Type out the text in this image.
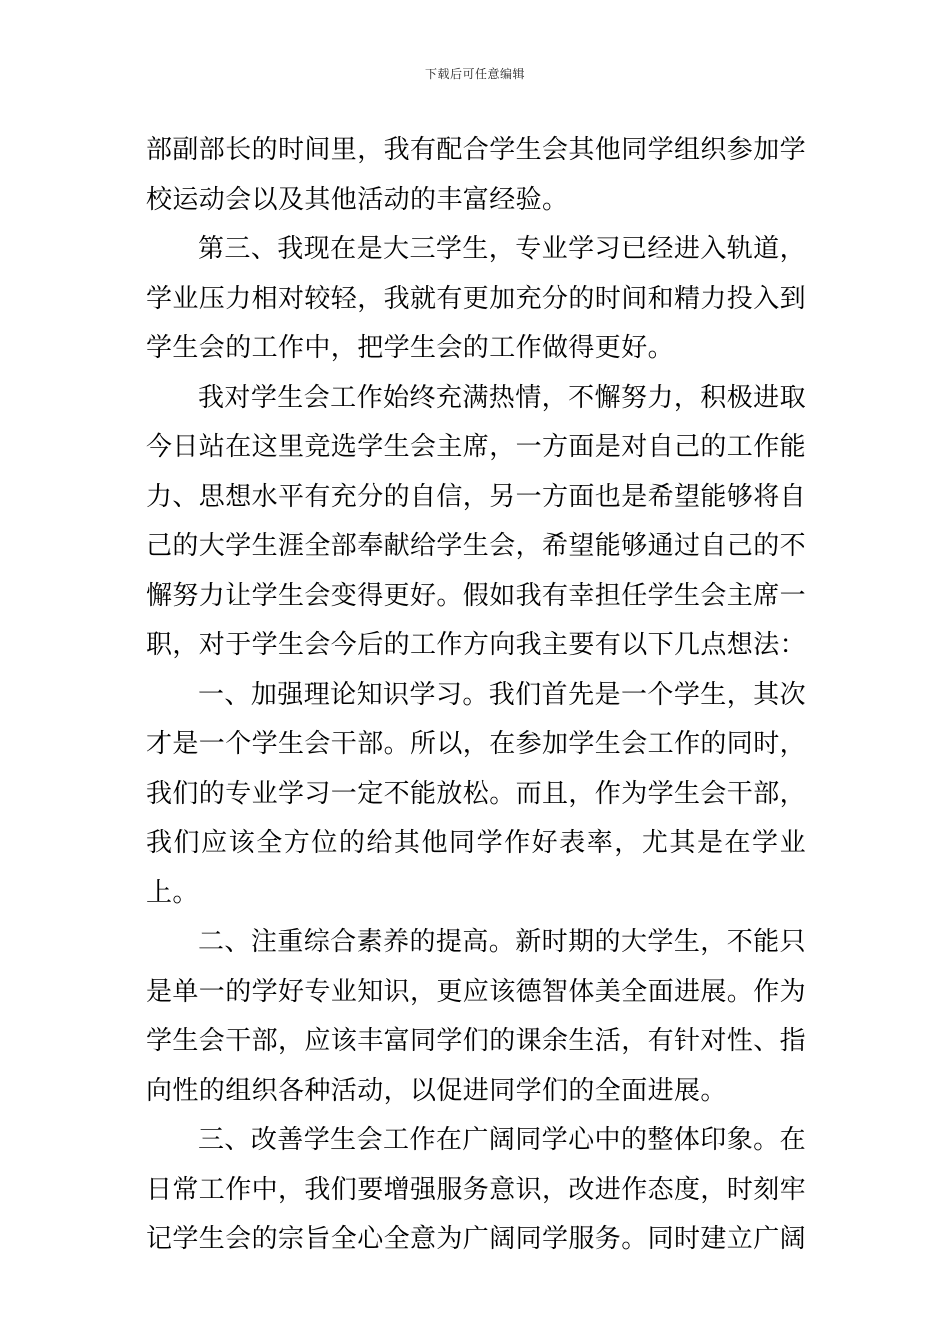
下载后可任意编辑

部副部长的时间里，我有配合学生会其他同学组织参加学校运动会以及其他活动的丰富经验。

第三、我现在是大三学生，专业学习已经进入轨道，学业压力相对较轻，我就有更加充分的时间和精力投入到学生会的工作中，把学生会的工作做得更好。

我对学生会工作始终充满热情，不懈努力，积极进取今日站在这里竞选学生会主席，一方面是对自己的工作能力、思想水平有充分的自信，另一方面也是希望能够将自己的大学生涯全部奉献给学生会，希望能够通过自己的不懈努力让学生会变得更好。假如我有幸担任学生会主席一职，对于学生会今后的工作方向我主要有以下几点想法：

一、加强理论知识学习。我们首先是一个学生，其次才是一个学生会干部。所以，在参加学生会工作的同时，我们的专业学习一定不能放松。而且，作为学生会干部，我们应该全方位的给其他同学作好表率，尤其是在学业上。

二、注重综合素养的提高。新时期的大学生，不能只是单一的学好专业知识，更应该德智体美全面进展。作为学生会干部，应该丰富同学们的课余生活，有针对性、指向性的组织各种活动，以促进同学们的全面进展。

三、改善学生会工作在广阔同学心中的整体印象。在日常工作中，我们要增强服务意识，改进作态度，时刻牢记学生会的宗旨全心全意为广阔同学服务。同时建立广阔
